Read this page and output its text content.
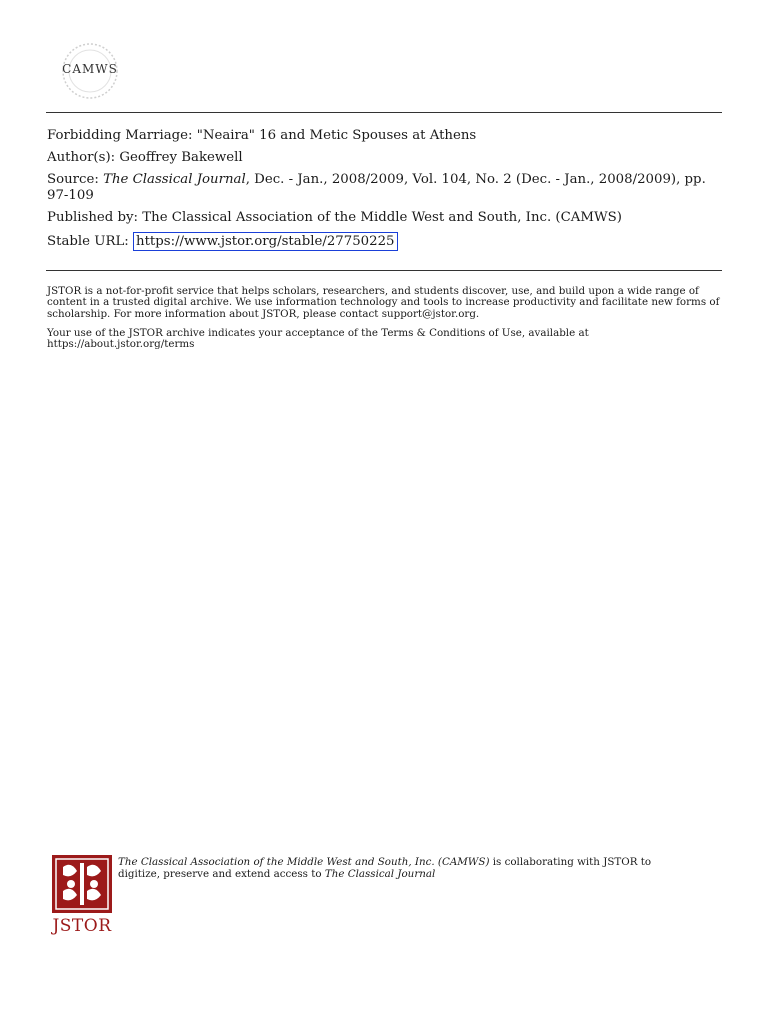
CAMWS

Forbidding Marriage: "Neaira" 16 and Metic Spouses at Athens

Author(s): Geoffrey Bakewell

Source: The Classical Journal, Dec. - Jan., 2008/2009, Vol. 104, No. 2 (Dec. - Jan., 2008/2009), pp. 97-109

Published by: The Classical Association of the Middle West and South, Inc. (CAMWS)

Stable URL: https://www.jstor.org/stable/27750225

JSTOR is a not-for-profit service that helps scholars, researchers, and students discover, use, and build upon a wide range of content in a trusted digital archive. We use information technology and tools to increase productivity and facilitate new forms of scholarship. For more information about JSTOR, please contact support@jstor.org.

Your use of the JSTOR archive indicates your acceptance of the Terms & Conditions of Use, available at https://about.jstor.org/terms

JSTOR
The Classical Association of the Middle West and South, Inc. (CAMWS) is collaborating with JSTOR to digitize, preserve and extend access to The Classical Journal
